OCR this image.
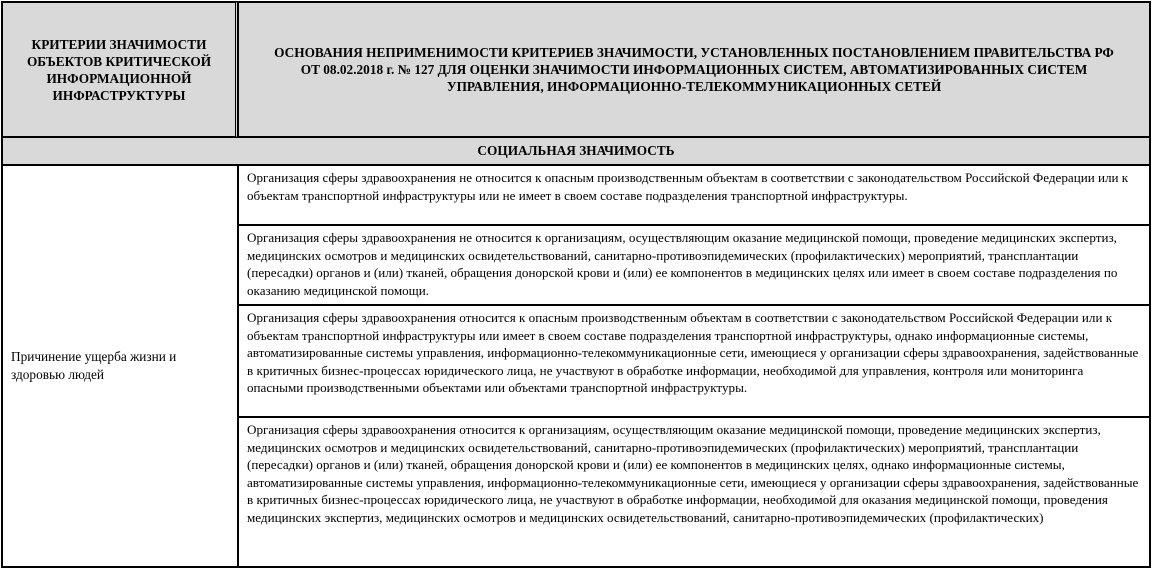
КРИТЕРИИ ЗНАЧИМОСТИ ОБЪЕКТОВ КРИТИЧЕСКОЙ ИНФОРМАЦИОННОЙ ИНФРАСТРУКТУРЫ	ОСНОВАНИЯ НЕПРИМЕНИМОСТИ КРИТЕРИЕВ ЗНАЧИМОСТИ, УСТАНОВЛЕННЫХ ПОСТАНОВЛЕНИЕМ ПРАВИТЕЛЬСТВА РФ ОТ 08.02.2018 г. № 127 ДЛЯ ОЦЕНКИ ЗНАЧИМОСТИ ИНФОРМАЦИОННЫХ СИСТЕМ, АВТОМАТИЗИРОВАННЫХ СИСТЕМ УПРАВЛЕНИЯ, ИНФОРМАЦИОННО-ТЕЛЕКОММУНИКАЦИОННЫХ СЕТЕЙ
СОЦИАЛЬНАЯ ЗНАЧИМОСТЬ	
Причинение ущерба жизни и здоровью людей	Организация сферы здравоохранения не относится к опасным производственным объектам в соответствии с законодательством Российской Федерации или к объектам транспортной инфраструктуры или не имеет в своем составе подразделения транспортной инфраструктуры.
	Организация сферы здравоохранения не относится к организациям, осуществляющим оказание медицинской помощи, проведение медицинских экспертиз, медицинских осмотров и медицинских освидетельствований, санитарно-противоэпидемических (профилактических) мероприятий, трансплантации (пересадки) органов и (или) тканей, обращения донорской крови и (или) ее компонентов в медицинских целях или имеет в своем составе подразделения по оказанию медицинской помощи.
	Организация сферы здравоохранения относится к опасным производственным объектам в соответствии с законодательством Российской Федерации или к объектам транспортной инфраструктуры или имеет в своем составе подразделения транспортной инфраструктуры, однако информационные системы, автоматизированные системы управления, информационно-телекоммуникационные сети, имеющиеся у организации сферы здравоохранения, задействованные в критичных бизнес-процессах юридического лица, не участвуют в обработке информации, необходимой для управления, контроля или мониторинга опасными производственными объектами или объектами транспортной инфраструктуры.
	Организация сферы здравоохранения относится к организациям, осуществляющим оказание медицинской помощи, проведение медицинских экспертиз, медицинских осмотров и медицинских освидетельствований, санитарно-противоэпидемических (профилактических) мероприятий, трансплантации (пересадки) органов и (или) тканей, обращения донорской крови и (или) ее компонентов в медицинских целях, однако информационные системы, автоматизированные системы управления, информационно-телекоммуникационные сети, имеющиеся у организации сферы здравоохранения, задействованные в критичных бизнес-процессах юридического лица, не участвуют в обработке информации, необходимой для оказания медицинской помощи, проведения медицинских экспертиз, медицинских осмотров и медицинских освидетельствований, санитарно-противоэпидемических (профилактических)
